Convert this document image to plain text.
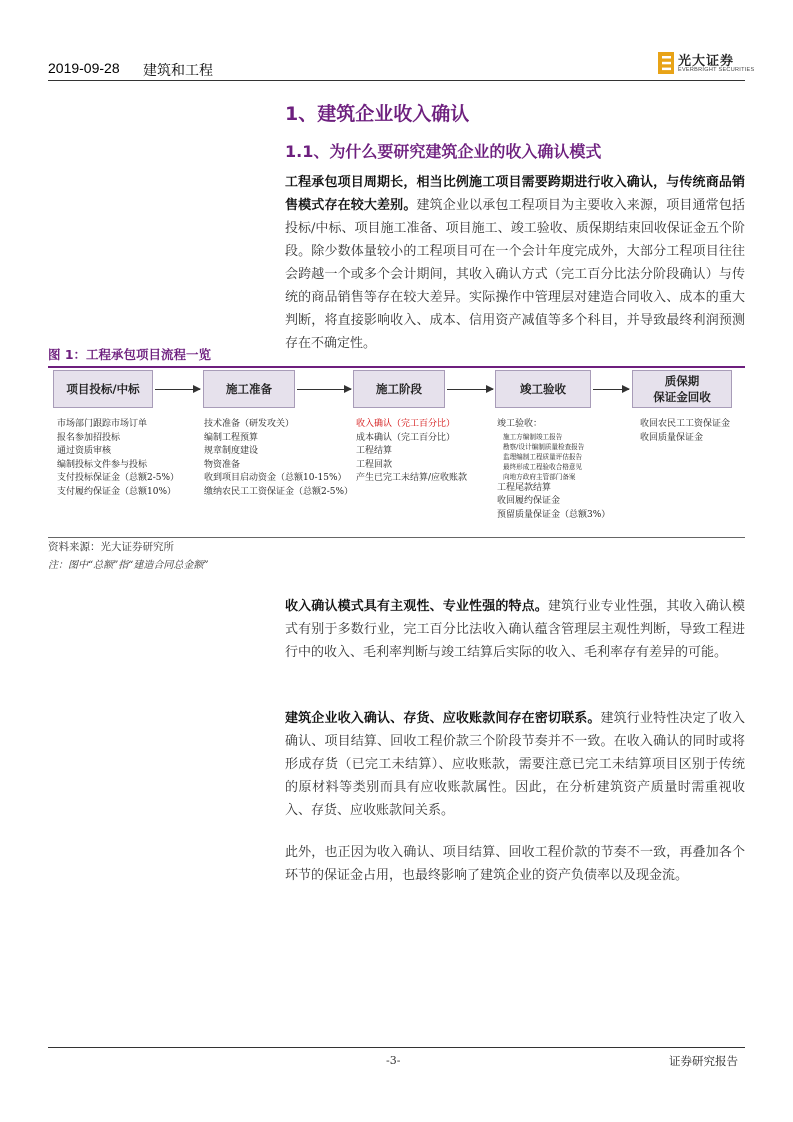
2019-09-28 建筑和工程
光大证券
EVERBRIGHT SECURITIES
1、建筑企业收入确认
1.1、为什么要研究建筑企业的收入确认模式
工程承包项目周期长，相当比例施工项目需要跨期进行收入确认，与传统商品销售模式存在较大差别。建筑企业以承包工程项目为主要收入来源，项目通常包括投标/中标、项目施工准备、项目施工、竣工验收、质保期结束回收保证金五个阶段。除少数体量较小的工程项目可在一个会计年度完成外，大部分工程项目往往会跨越一个或多个会计期间，其收入确认方式（完工百分比法分阶段确认）与传统的商品销售等存在较大差异。实际操作中管理层对建造合同收入、成本的重大判断，将直接影响收入、成本、信用资产减值等多个科目，并导致最终利润预测存在不确定性。
图 1：工程承包项目流程一览
项目投标/中标	施工准备	施工阶段	竣工验收
质保期
保证金回收
市场部门跟踪市场订单
报名参加招投标
通过资质审核
编制投标文件参与投标
支付投标保证金（总额2-5%）
支付履约保证金（总额10%）
技术准备（研发攻关）
编制工程预算
规章制度建设
物资准备
收到项目启动资金（总额10-15%）
缴纳农民工工资保证金（总额2-5%）
收入确认（完工百分比）
成本确认（完工百分比）
工程结算
工程回款
产生已完工未结算/应收账款
竣工验收：
施工方编制竣工报告
勘察/设计编制质量检查报告
监理编制工程质量评估报告
最终形成工程验收合格意见
向地方政府主管部门备案
工程尾款结算
收回履约保证金
预留质量保证金（总额3%）
收回农民工工资保证金
收回质量保证金
资料来源：光大证券研究所
注：图中“总额”指“建造合同总金额”
收入确认模式具有主观性、专业性强的特点。建筑行业专业性强，其收入确认模式有别于多数行业，完工百分比法收入确认蕴含管理层主观性判断，导致工程进行中的收入、毛利率判断与竣工结算后实际的收入、毛利率存有差异的可能。
建筑企业收入确认、存货、应收账款间存在密切联系。建筑行业特性决定了收入确认、项目结算、回收工程价款三个阶段节奏并不一致。在收入确认的同时或将形成存货（已完工未结算）、应收账款，需要注意已完工未结算项目区别于传统的原材料等类别而具有应收账款属性。因此，在分析建筑资产质量时需重视收入、存货、应收账款间关系。
此外，也正因为收入确认、项目结算、回收工程价款的节奏不一致，再叠加各个环节的保证金占用，也最终影响了建筑企业的资产负债率以及现金流。
-3-	证券研究报告
